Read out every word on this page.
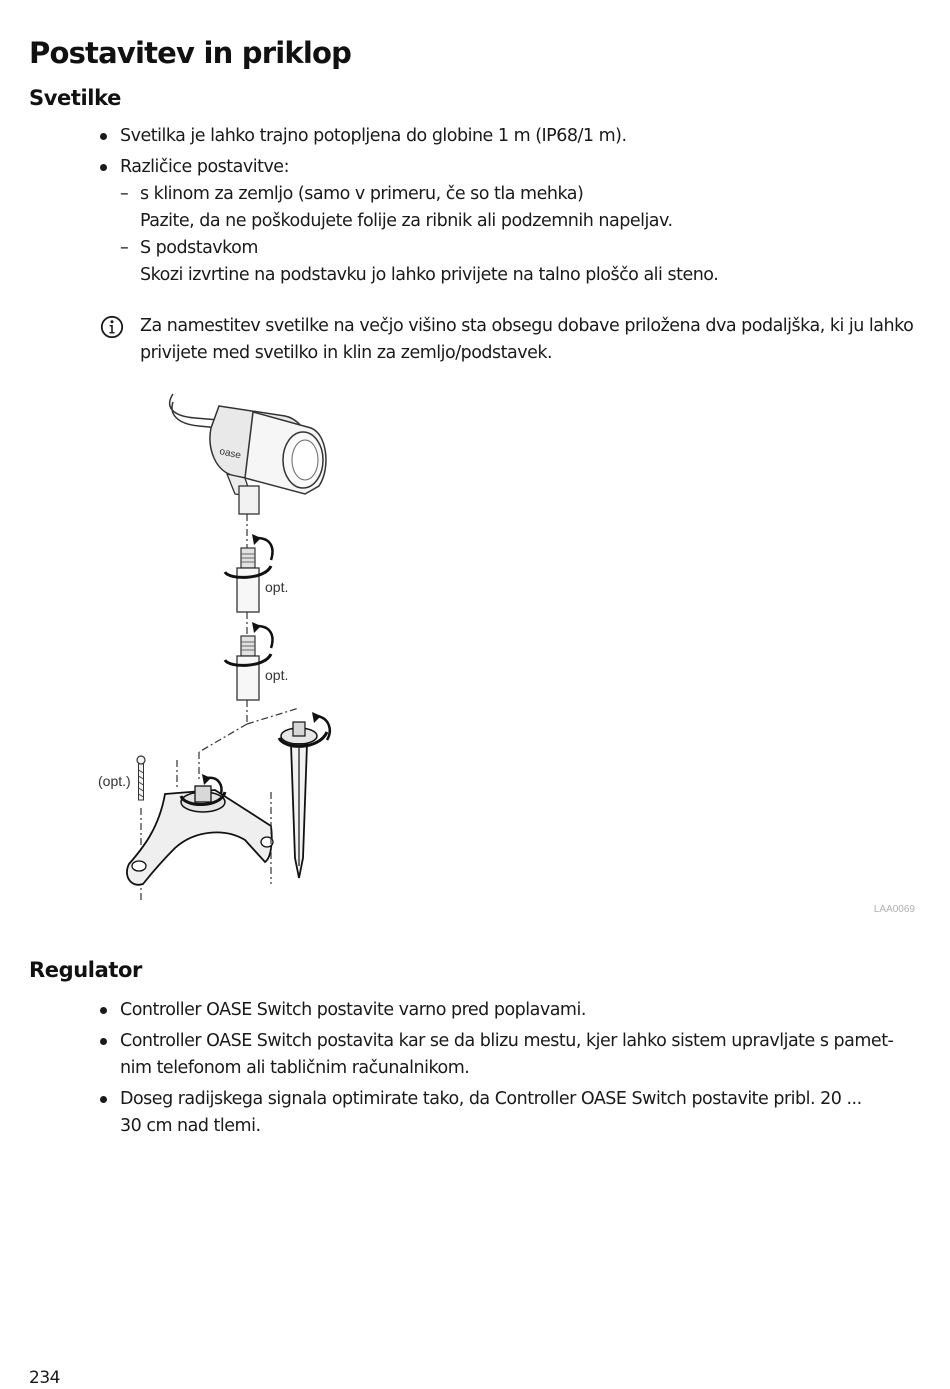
Postavitev in priklop
Svetilke
Svetilka je lahko trajno potopljena do globine 1 m (IP68/1 m).
Različice postavitve:
– s klinom za zemljo (samo v primeru, če so tla mehka)
Pazite, da ne poškodujete folije za ribnik ali podzemnih napeljav.
– S podstavkom
Skozi izvrtine na podstavku jo lahko privijete na talno ploščo ali steno.
Za namestitev svetilke na večjo višino sta obsegu dobave priložena dva podaljška, ki ju lahko privijete med svetilko in klin za zemljo/podstavek.
oase
opt.
opt.
(opt.)
LAA0069
Regulator
Controller OASE Switch postavite varno pred poplavami.
Controller OASE Switch postavita kar se da blizu mestu, kjer lahko sistem upravljate s pamet-
nim telefonom ali tabličnim računalnikom.
Doseg radijskega signala optimirate tako, da Controller OASE Switch postavite pribl. 20 ...
30 cm nad tlemi.
234
